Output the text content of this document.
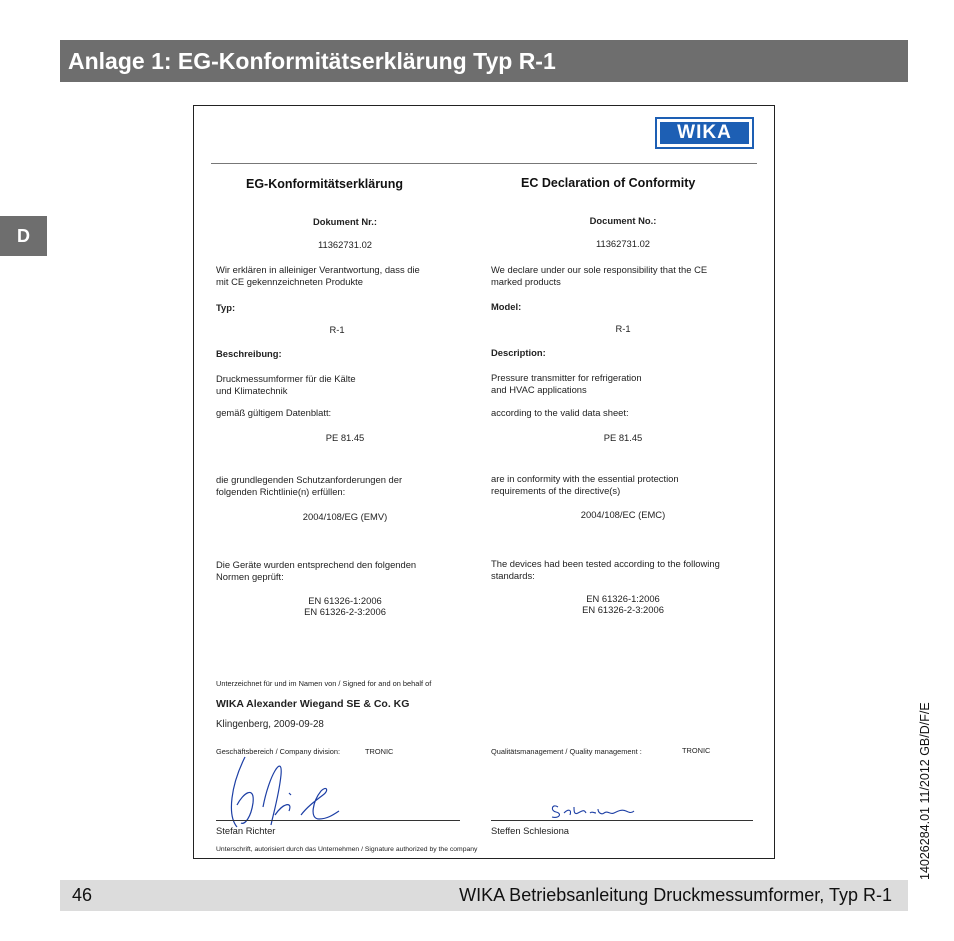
Anlage 1: EG-Konformitätserklärung Typ R-1
D
14026284.01 11/2012 GB/D/F/E
WIKA
EG-Konformitätserklärung
Dokument Nr.:
11362731.02
Wir erklären in alleiniger Verantwortung, dass die
mit CE gekennzeichneten Produkte
Typ:
R-1
Beschreibung:
Druckmessumformer für die Kälte
und Klimatechnik
gemäß gültigem Datenblatt:
PE 81.45
die grundlegenden Schutzanforderungen der
folgenden Richtlinie(n) erfüllen:
2004/108/EG (EMV)
Die Geräte wurden entsprechend den folgenden
Normen geprüft:
EN 61326-1:2006
EN 61326-2-3:2006
EC Declaration of Conformity
Document No.:
11362731.02
We declare under our sole responsibility that the CE
marked products
Model:
R-1
Description:
Pressure transmitter for refrigeration
and HVAC applications
according to the valid data sheet:
PE 81.45
are in conformity with the essential protection
requirements of the directive(s)
2004/108/EC (EMC)
The devices had been tested according to the following
standards:
EN 61326-1:2006
EN 61326-2-3:2006
Unterzeichnet für und im Namen von / Signed for and on behalf of
WIKA Alexander Wiegand SE & Co. KG
Klingenberg, 2009-09-28
Geschäftsbereich / Company division:	TRONIC	Qualitätsmanagement / Quality management :	TRONIC
Stefan Richter	Steffen Schlesiona
Unterschrift, autorisiert durch das Unternehmen / Signature authorized by the company
46	WIKA Betriebsanleitung Druckmessumformer, Typ R-1
